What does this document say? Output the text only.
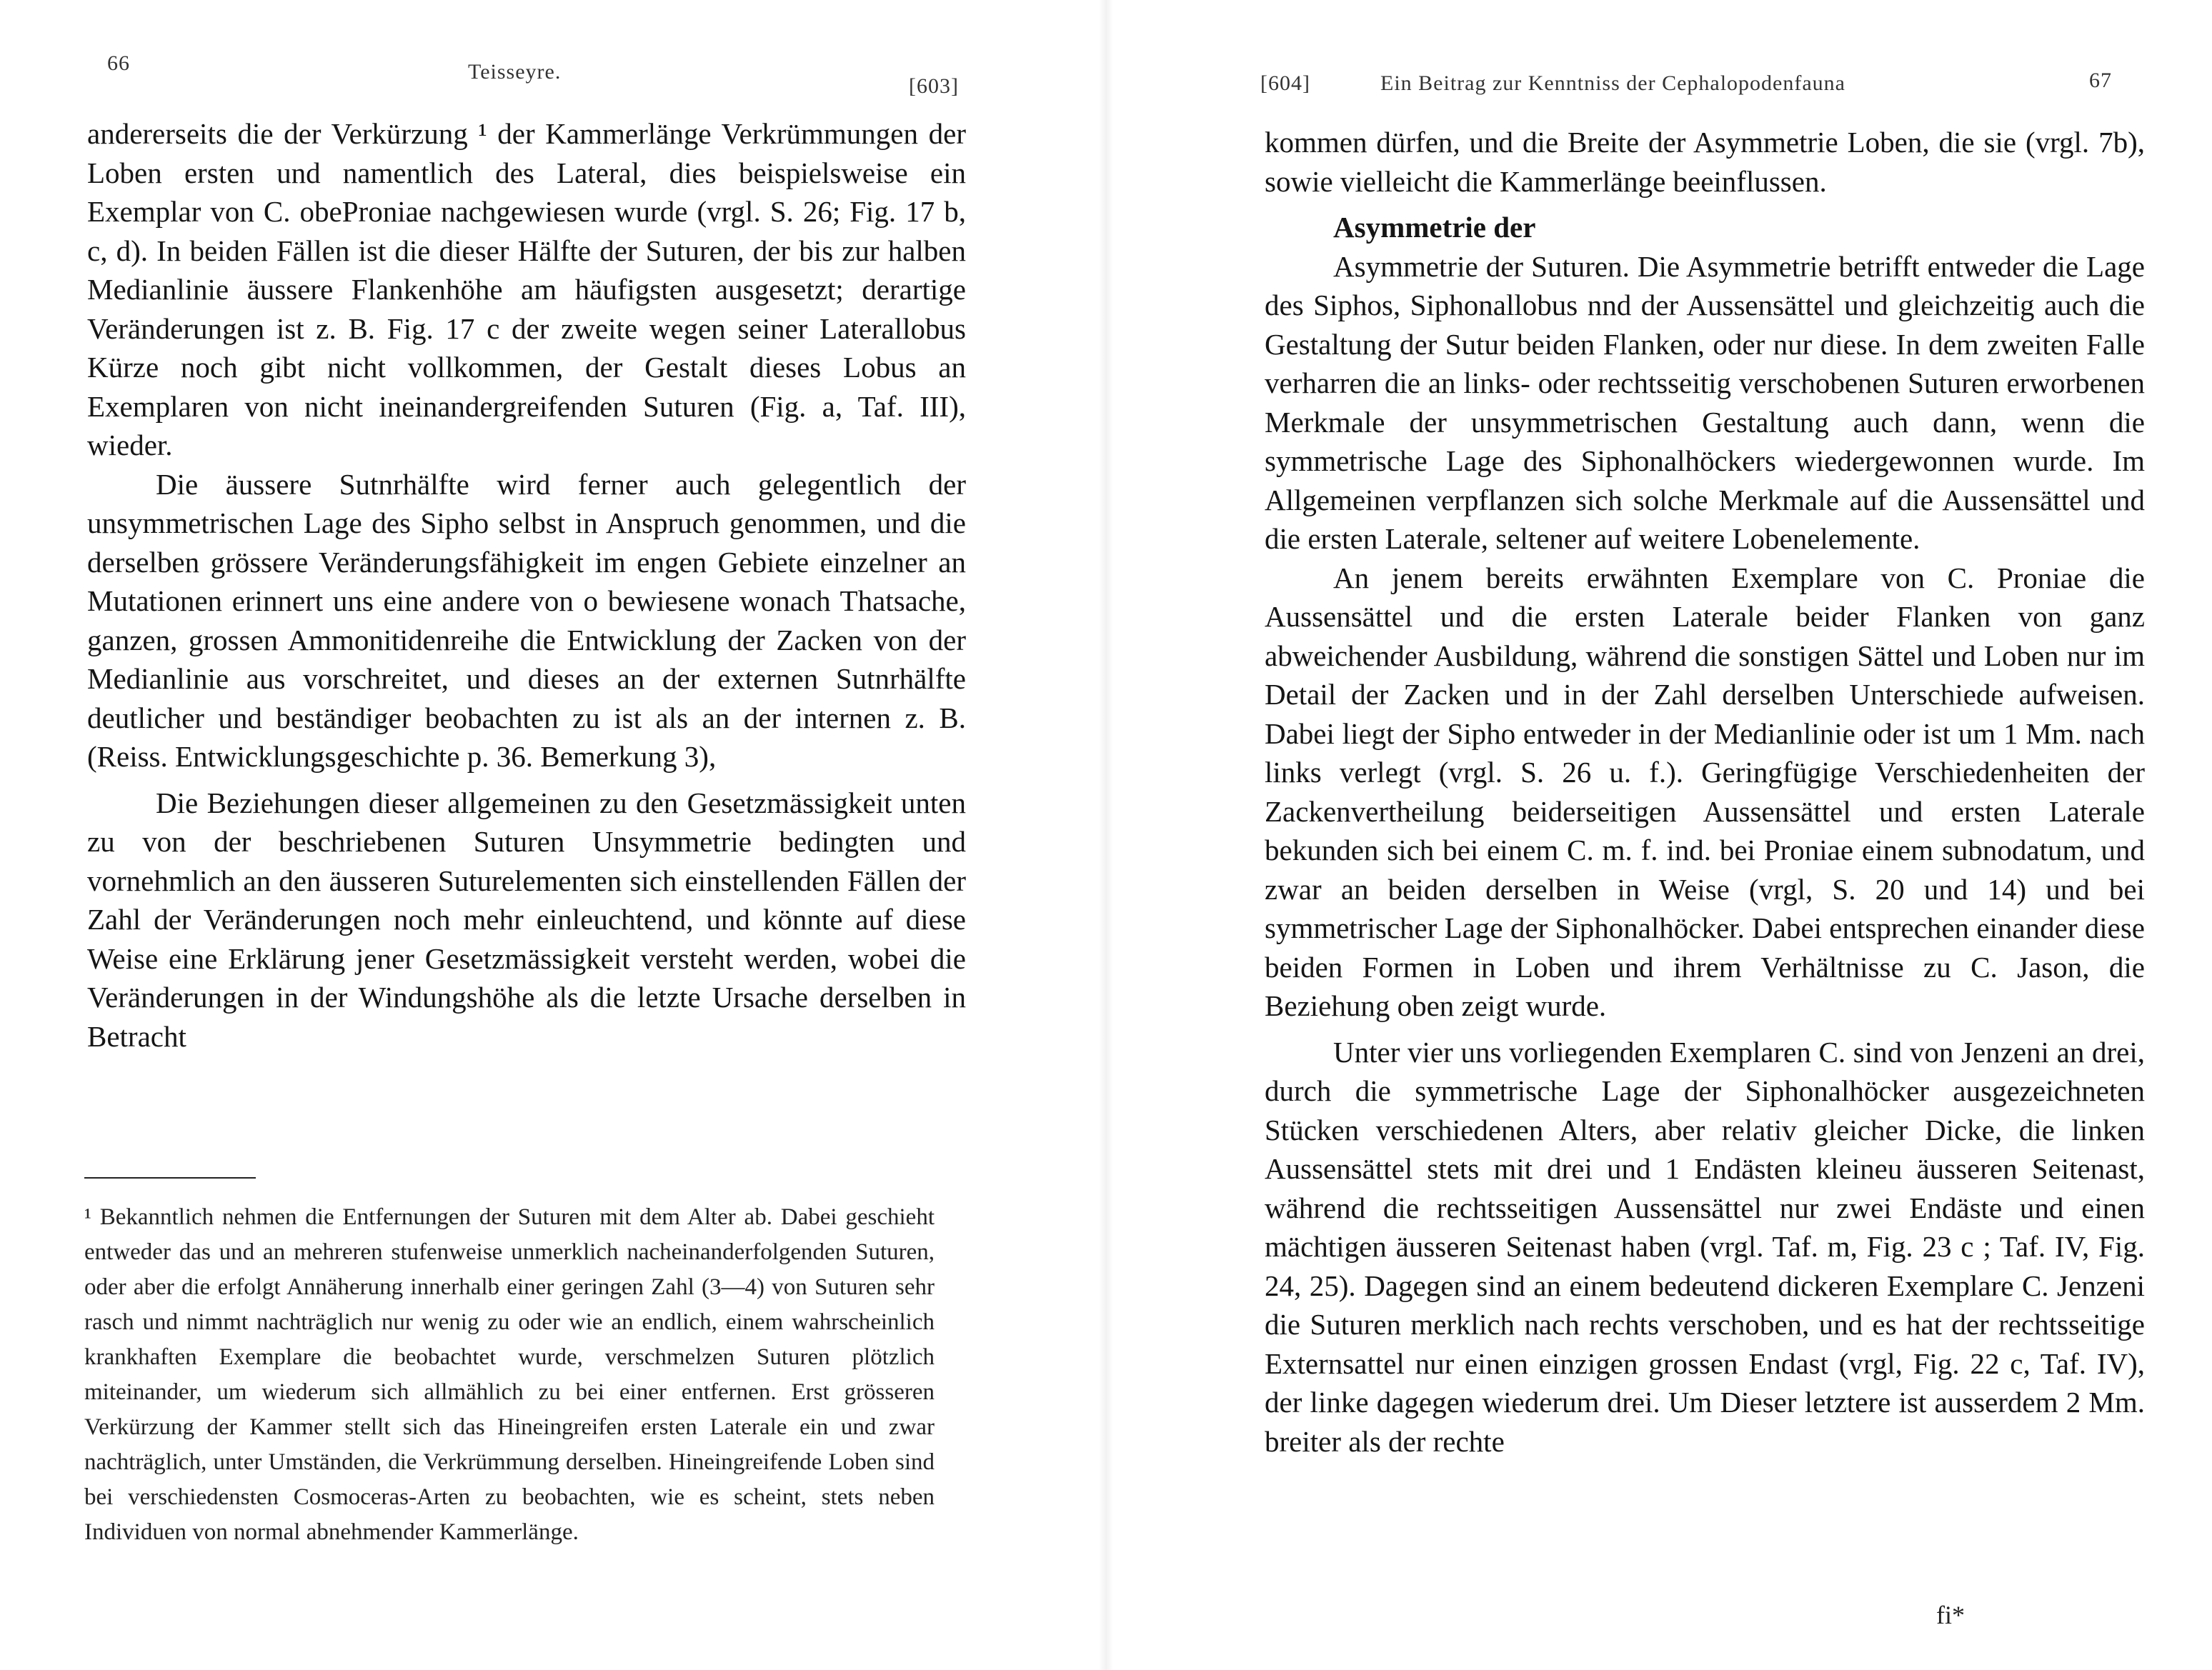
66	Teisseyre.
[603]

andererseits die der Verkürzung ¹ der Kammerlänge Verkrümmungen der Loben ersten und namentlich des Lateral, dies beispielsweise ein Exemplar von C. obeProniae nachgewiesen wurde (vrgl. S. 26; Fig. 17 b, c, d). In beiden Fällen ist die dieser Hälfte der Suturen, der bis zur halben Medianlinie äussere Flankenhöhe am häufigsten ausgesetzt; derartige Veränderungen ist z. B. Fig. 17 c der zweite wegen seiner Laterallobus Kürze noch gibt nicht vollkommen, der Gestalt dieses Lobus an Exemplaren von nicht ineinandergreifenden Suturen (Fig. a, Taf. III), wieder.

Die äussere Sutnrhälfte wird ferner auch gelegentlich der unsymmetrischen Lage des Sipho selbst in Anspruch genommen, und die derselben grössere Veränderungsfähigkeit im engen Gebiete einzelner an Mutationen erinnert uns eine andere von o bewiesene wonach Thatsache, ganzen, grossen Ammonitidenreihe die Entwicklung der Zacken von der Medianlinie aus vorschreitet, und dieses an der externen Sutnrhälfte deutlicher und beständiger beobachten zu ist als an der internen z. B. (Reiss. Entwicklungsgeschichte p. 36. Bemerkung 3),

Die Beziehungen dieser allgemeinen zu den Gesetzmässigkeit unten zu von der beschriebenen Suturen Unsymmetrie bedingten und vornehmlich an den äusseren Suturelementen sich einstellenden Fällen der Zahl der Veränderungen noch mehr einleuchtend, und könnte auf diese Weise eine Erklärung jener Gesetzmässigkeit versteht werden, wobei die Veränderungen in der Windungshöhe als die letzte Ursache derselben in Betracht

¹ Bekanntlich nehmen die Entfernungen der Suturen mit dem Alter ab. Dabei geschieht entweder das und an mehreren stufenweise unmerklich nacheinanderfolgenden Suturen, oder aber die erfolgt Annäherung innerhalb einer geringen Zahl (3—4) von Suturen sehr rasch und nimmt nachträglich nur wenig zu oder wie an endlich, einem wahrscheinlich krankhaften Exemplare die beobachtet wurde, verschmelzen Suturen plötzlich miteinander, um wiederum sich allmählich zu bei einer entfernen. Erst grösseren Verkürzung der Kammer stellt sich das Hineingreifen ersten Laterale ein und zwar nachträglich, unter Umständen, die Verkrümmung derselben. Hineingreifende Loben sind bei verschiedensten Cosmoceras-Arten zu beobachten, wie es scheint, stets neben Individuen von normal abnehmender Kammerlänge.
[604]	Ein Beitrag zur Kenntniss der Cephalopodenfauna	67

kommen dürfen, und die Breite der Asymmetrie Loben, die sie (vrgl. 7b), sowie vielleicht die Kammerlänge beeinflussen.

Asymmetrie der

Asymmetrie der Suturen. Die Asymmetrie betrifft entweder die Lage des Siphos, Siphonallobus nnd der Aussensättel und gleichzeitig auch die Gestaltung der Sutur beiden Flanken, oder nur diese. In dem zweiten Falle verharren die an links- oder rechtsseitig verschobenen Suturen erworbenen Merkmale der unsymmetrischen Gestaltung auch dann, wenn die symmetrische Lage des Siphonalhöckers wiedergewonnen wurde. Im Allgemeinen verpflanzen sich solche Merkmale auf die Aussensättel und die ersten Laterale, seltener auf weitere Lobenelemente.

An jenem bereits erwähnten Exemplare von C. Proniae die Aussensättel und die ersten Laterale beider Flanken von ganz abweichender Ausbildung, während die sonstigen Sättel und Loben nur im Detail der Zacken und in der Zahl derselben Unterschiede aufweisen. Dabei liegt der Sipho entweder in der Medianlinie oder ist um 1 Mm. nach links verlegt (vrgl. S. 26 u. f.). Geringfügige Verschiedenheiten der Zackenvertheilung beiderseitigen Aussensättel und ersten Laterale bekunden sich bei einem C. m. f. ind. bei Proniae einem subnodatum, und zwar an beiden derselben in Weise (vrgl, S. 20 und 14) und bei symmetrischer Lage der Siphonalhöcker. Dabei entsprechen einander diese beiden Formen in Loben und ihrem Verhältnisse zu C. Jason, die Beziehung oben zeigt wurde.

Unter vier uns vorliegenden Exemplaren C. sind von Jenzeni an drei, durch die symmetrische Lage der Siphonalhöcker ausgezeichneten Stücken verschiedenen Alters, aber relativ gleicher Dicke, die linken Aussensättel stets mit drei und 1 Endästen kleineu äusseren Seitenast, während die rechtsseitigen Aussensättel nur zwei Endäste und einen mächtigen äusseren Seitenast haben (vrgl. Taf. m, Fig. 23 c ; Taf. IV, Fig. 24, 25). Dagegen sind an einem bedeutend dickeren Exemplare C. Jenzeni die Suturen merklich nach rechts verschoben, und es hat der rechtsseitige Externsattel nur einen einzigen grossen Endast (vrgl, Fig. 22 c, Taf. IV), der linke dagegen wiederum drei. Um Dieser letztere ist ausserdem 2 Mm. breiter als der rechte

fi*
